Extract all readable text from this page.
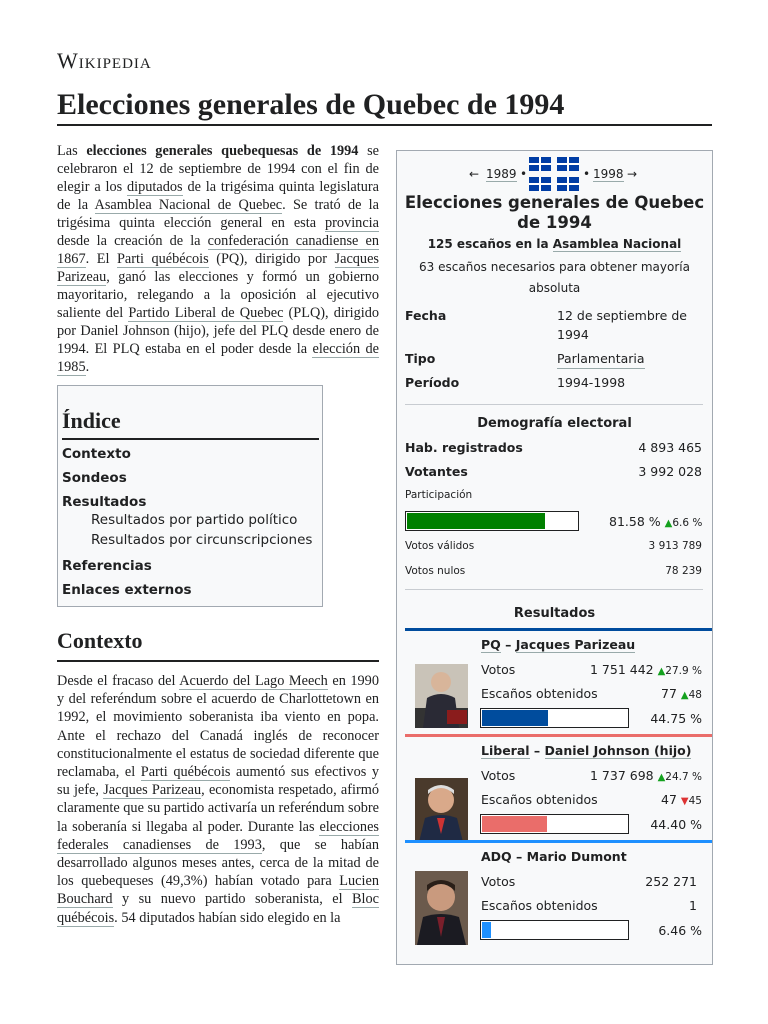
Wikipedia
Elecciones generales de Quebec de 1994

Las elecciones generales quebequesas de 1994 se celebraron el 12 de septiembre de 1994 con el fin de elegir a los diputados de la trigésima quinta legislatura de la Asamblea Nacional de Quebec. Se trató de la trigésima quinta elección general en esta provincia desde la creación de la confederación canadiense en 1867. El Parti québécois (PQ), dirigido por Jacques Parizeau, ganó las elecciones y formó un gobierno mayoritario, relegando a la oposición al ejecutivo saliente del Partido Liberal de Quebec (PLQ), dirigido por Daniel Johnson (hijo), jefe del PLQ desde enero de 1994. El PLQ estaba en el poder desde la elección de 1985.

Índice
Contexto
Sondeos
Resultados
Resultados por partido político
Resultados por circunscripciones
Referencias
Enlaces externos
Contexto

Desde el fracaso del Acuerdo del Lago Meech en 1990 y del referéndum sobre el acuerdo de Charlottetown en 1992, el movimiento soberanista iba viento en popa. Ante el rechazo del Canadá inglés de reconocer constitucionalmente el estatus de sociedad diferente que reclamaba, el Parti québécois aumentó sus efectivos y su jefe, Jacques Parizeau, economista respetado, afirmó claramente que su partido activaría un referéndum sobre la soberanía si llegaba al poder. Durante las elecciones federales canadienses de 1993, que se habían desarrollado algunos meses antes, cerca de la mitad de los quebequeses (49,3%) habían votado para Lucien Bouchard y su nuevo partido soberanista, el Bloc québécois. 54 diputados habían sido elegido en la

← 1989 •	• 1998 →
Elecciones generales de Quebec de 1994
125 escaños en la Asamblea Nacional
63 escaños necesarios para obtener mayoría absoluta
Fecha	12 de septiembre de 1994
Tipo	Parlamentaria
Período	1994-1998
Demografía electoral
Hab. registrados	4 893 465
Votantes	3 992 028
Participación
81.58 % ▲6.6 %
Votos válidos	3 913 789
Votos nulos	78 239
Resultados
PQ – Jacques Parizeau
Votos	1 751 442 ▲27.9 %
Escaños obtenidos	77 ▲48
44.75 %
Liberal – Daniel Johnson (hijo)
Votos	1 737 698 ▲24.7 %
Escaños obtenidos	47 ▼45
44.40 %
ADQ – Mario Dumont
Votos	252 271
Escaños obtenidos	1
6.46 %
